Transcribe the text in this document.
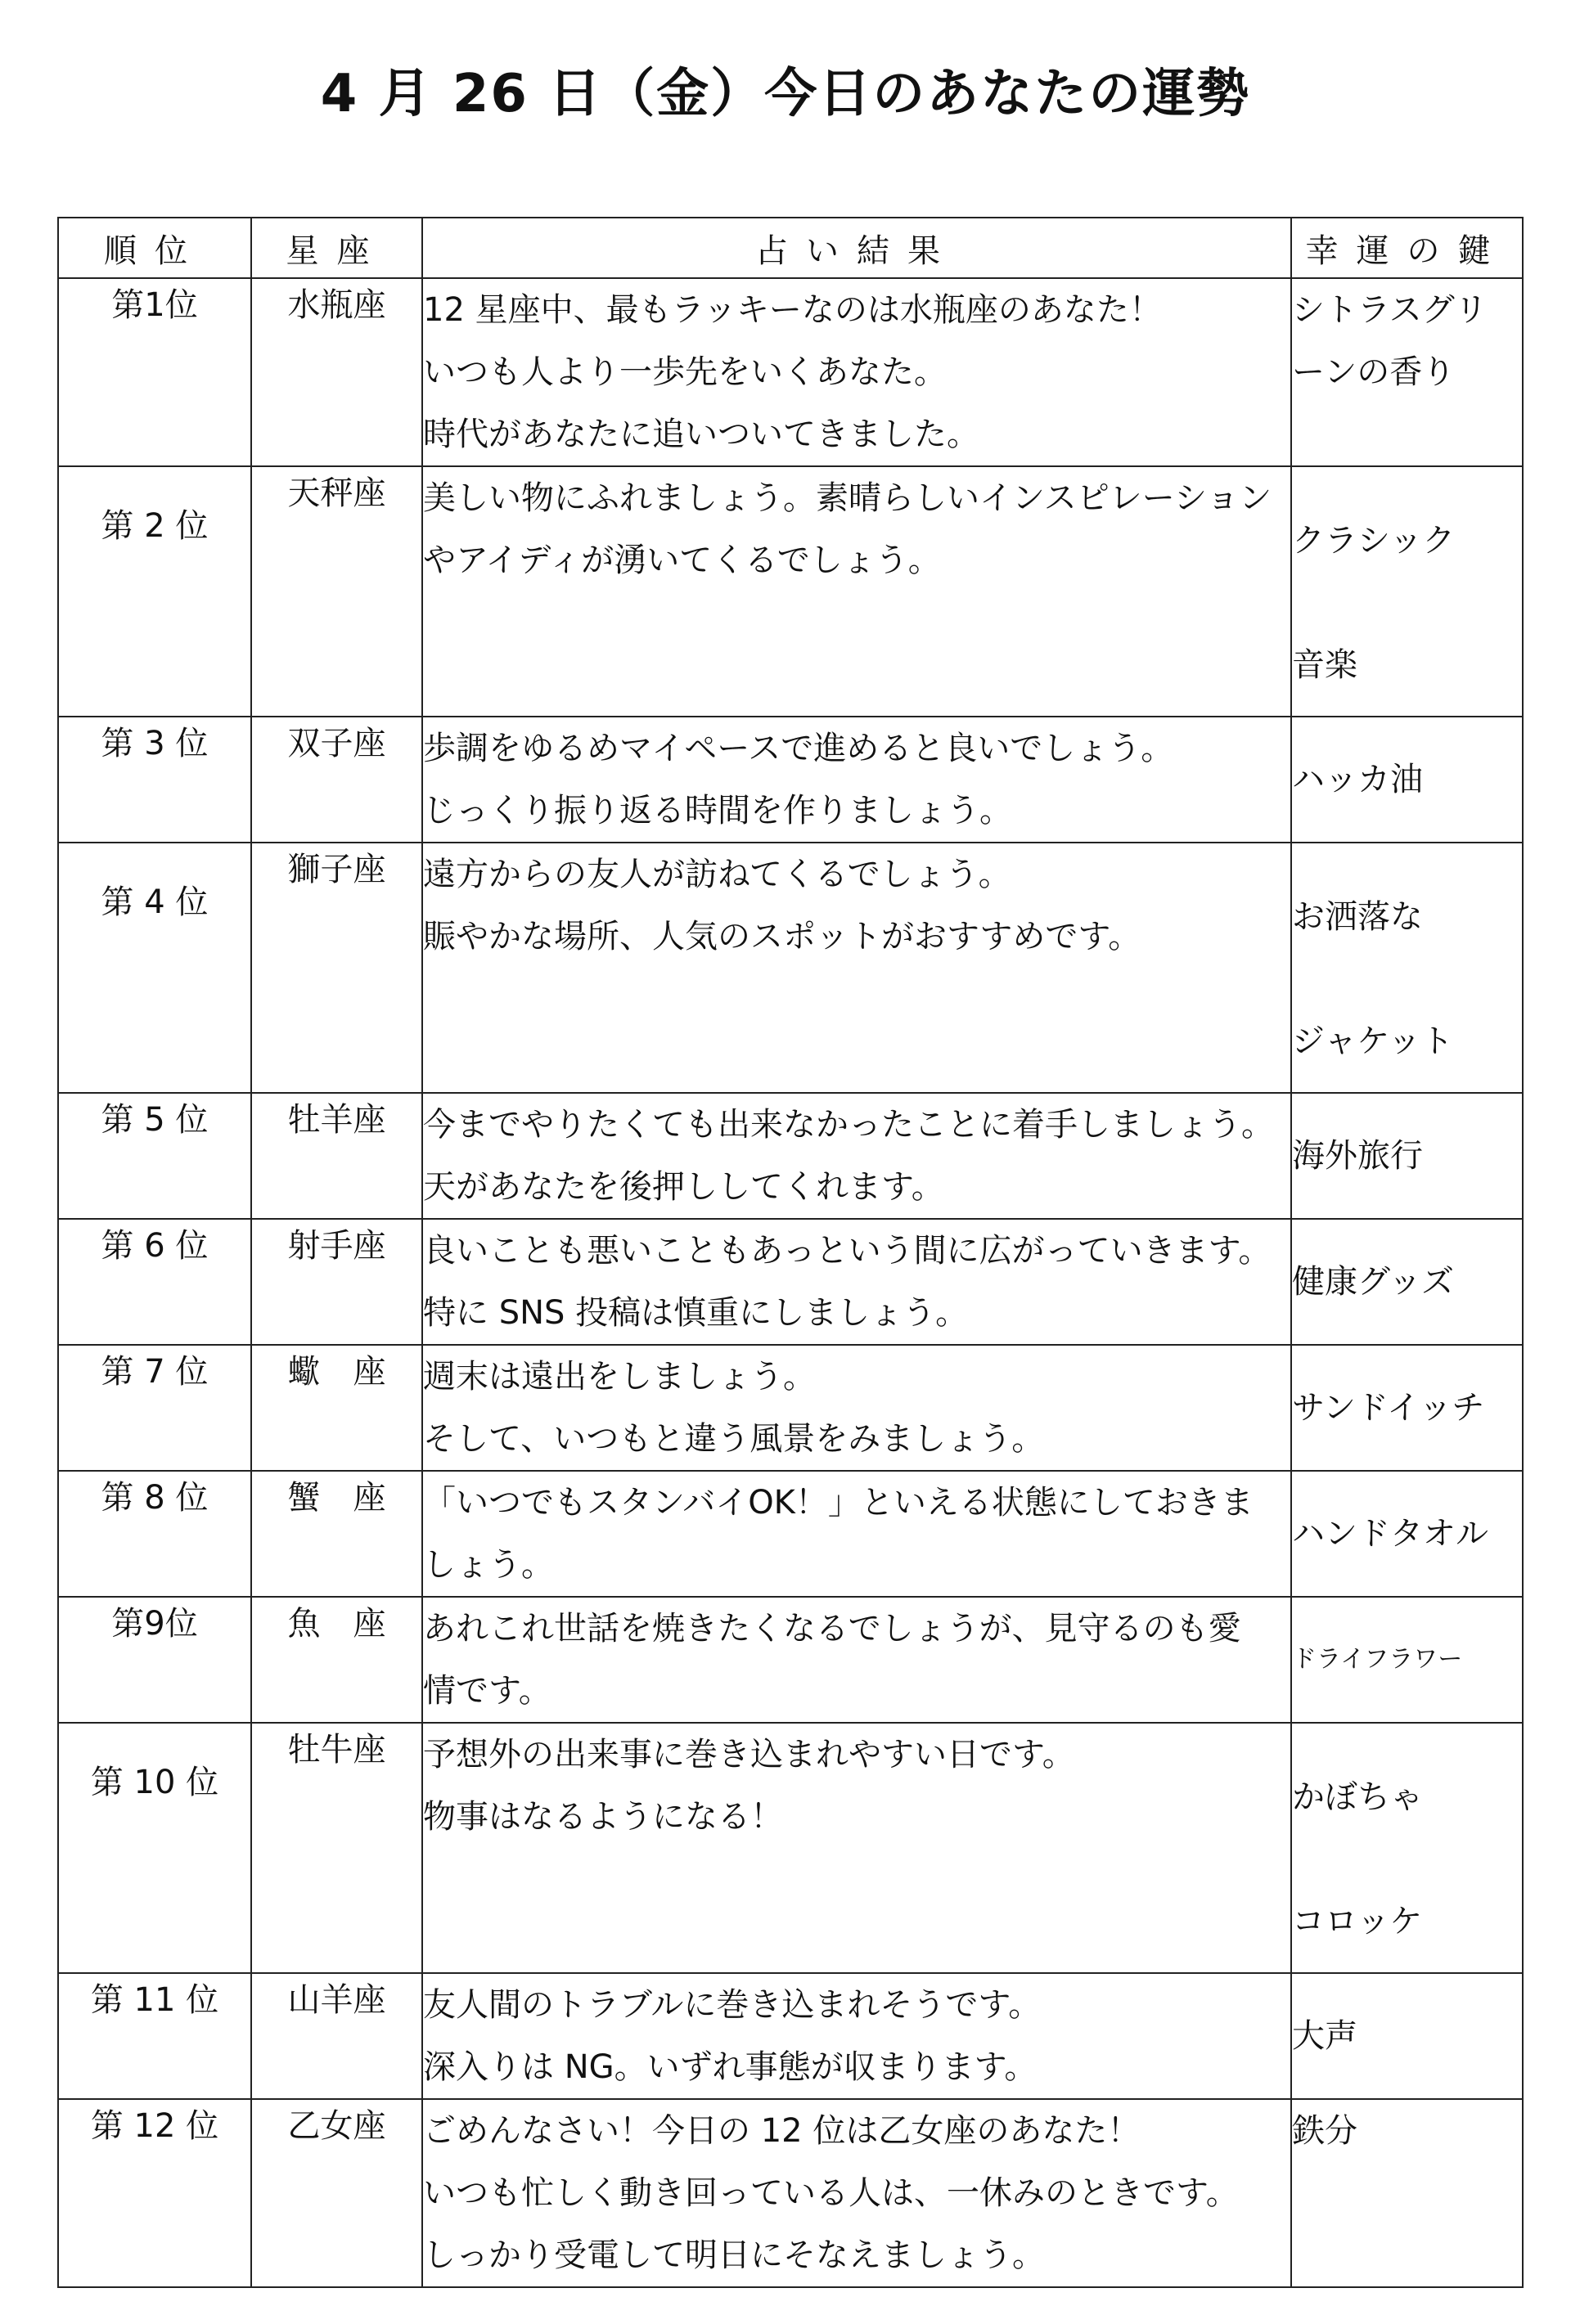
4 月 26 日（金）今日のあなたの運勢
順位	星座	占い結果	幸運の鍵
第1位	水瓶座	12 星座中、最もラッキーなのは水瓶座のあなた！
いつも人より一歩先をいくあなた。
時代があなたに追いついてきました。	シトラスグリ
ーンの香り

第 2 位	天秤座	美しい物にふれましょう。素晴らしいインスピレーション
やアイディが湧いてくるでしょう。	クラシック
音楽

第 3 位	双子座	歩調をゆるめマイペースで進めると良いでしょう。
じっくり振り返る時間を作りましょう。	ハッカ油

第 4 位	獅子座	遠方からの友人が訪ねてくるでしょう。
賑やかな場所、人気のスポットがおすすめです。	お洒落な
ジャケット

第 5 位	牡羊座	今までやりたくても出来なかったことに着手しましょう。
天があなたを後押ししてくれます。	海外旅行

第 6 位	射手座	良いことも悪いこともあっという間に広がっていきます。
特に SNS 投稿は慎重にしましょう。	健康グッズ

第 7 位	蠍　座	週末は遠出をしましょう。
そして、いつもと違う風景をみましょう。	サンドイッチ

第 8 位	蟹　座	「いつでもスタンバイOK！」といえる状態にしておきま
しょう。	ハンドタオル

第9位	魚　座	あれこれ世話を焼きたくなるでしょうが、見守るのも愛
情です。	ドライフラワー

第 10 位	牡牛座	予想外の出来事に巻き込まれやすい日です。
物事はなるようになる！	かぼちゃ
コロッケ

第 11 位	山羊座	友人間のトラブルに巻き込まれそうです。
深入りは NG。いずれ事態が収まります。	大声

第 12 位	乙女座	ごめんなさい！今日の 12 位は乙女座のあなた！
いつも忙しく動き回っている人は、一休みのときです。
しっかり受電して明日にそなえましょう。	鉄分
